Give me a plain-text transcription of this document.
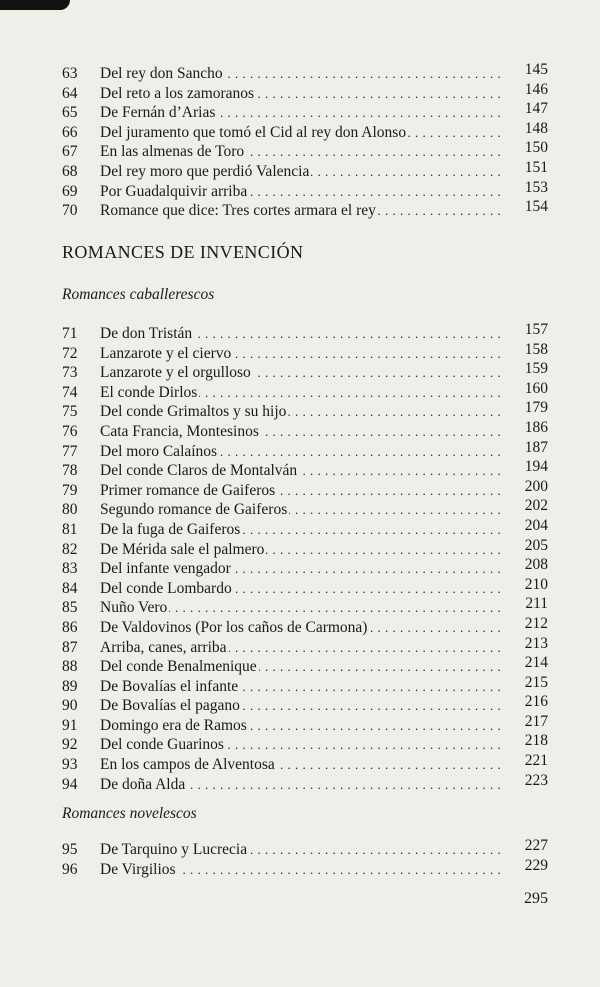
63	Del rey don Sancho . . .	145
64	Del reto a los zamoranos . . .	146
65	De Fernán d’Arias . . .	147
66	Del juramento que tomó el Cid al rey don Alonso . . .	148
67	En las almenas de Toro . . .	150
68	Del rey moro que perdió Valencia . . .	151
69	Por Guadalquivir arriba . . .	153
70	Romance que dice: Tres cortes armara el rey . . .	154
ROMANCES DE INVENCIÓN
Romances caballerescos
71	De don Tristán . . .	157
72	Lanzarote y el ciervo . . .	158
73	Lanzarote y el orgulloso . . .	159
74	El conde Dirlos . . .	160
75	Del conde Grimaltos y su hijo . . .	179
76	Cata Francia, Montesinos . . .	186
77	Del moro Calaínos . . .	187
78	Del conde Claros de Montalván . . .	194
79	Primer romance de Gaiferos . . .	200
80	Segundo romance de Gaiferos . . .	202
81	De la fuga de Gaiferos . . .	204
82	De Mérida sale el palmero . . .	205
83	Del infante vengador . . .	208
84	Del conde Lombardo . . .	210
85	Nuño Vero . . .	211
86	De Valdovinos (Por los caños de Carmona) . . .	212
87	Arriba, canes, arriba . . .	213
88	Del conde Benalmenique . . .	214
89	De Bovalías el infante . . .	215
90	De Bovalías el pagano . . .	216
91	Domingo era de Ramos . . .	217
92	Del conde Guarinos . . .	218
93	En los campos de Alventosa . . .	221
94	De doña Alda . . .	223
Romances novelescos
95	De Tarquino y Lucrecia . . .	227
96	De Virgilios . . .	229
295
